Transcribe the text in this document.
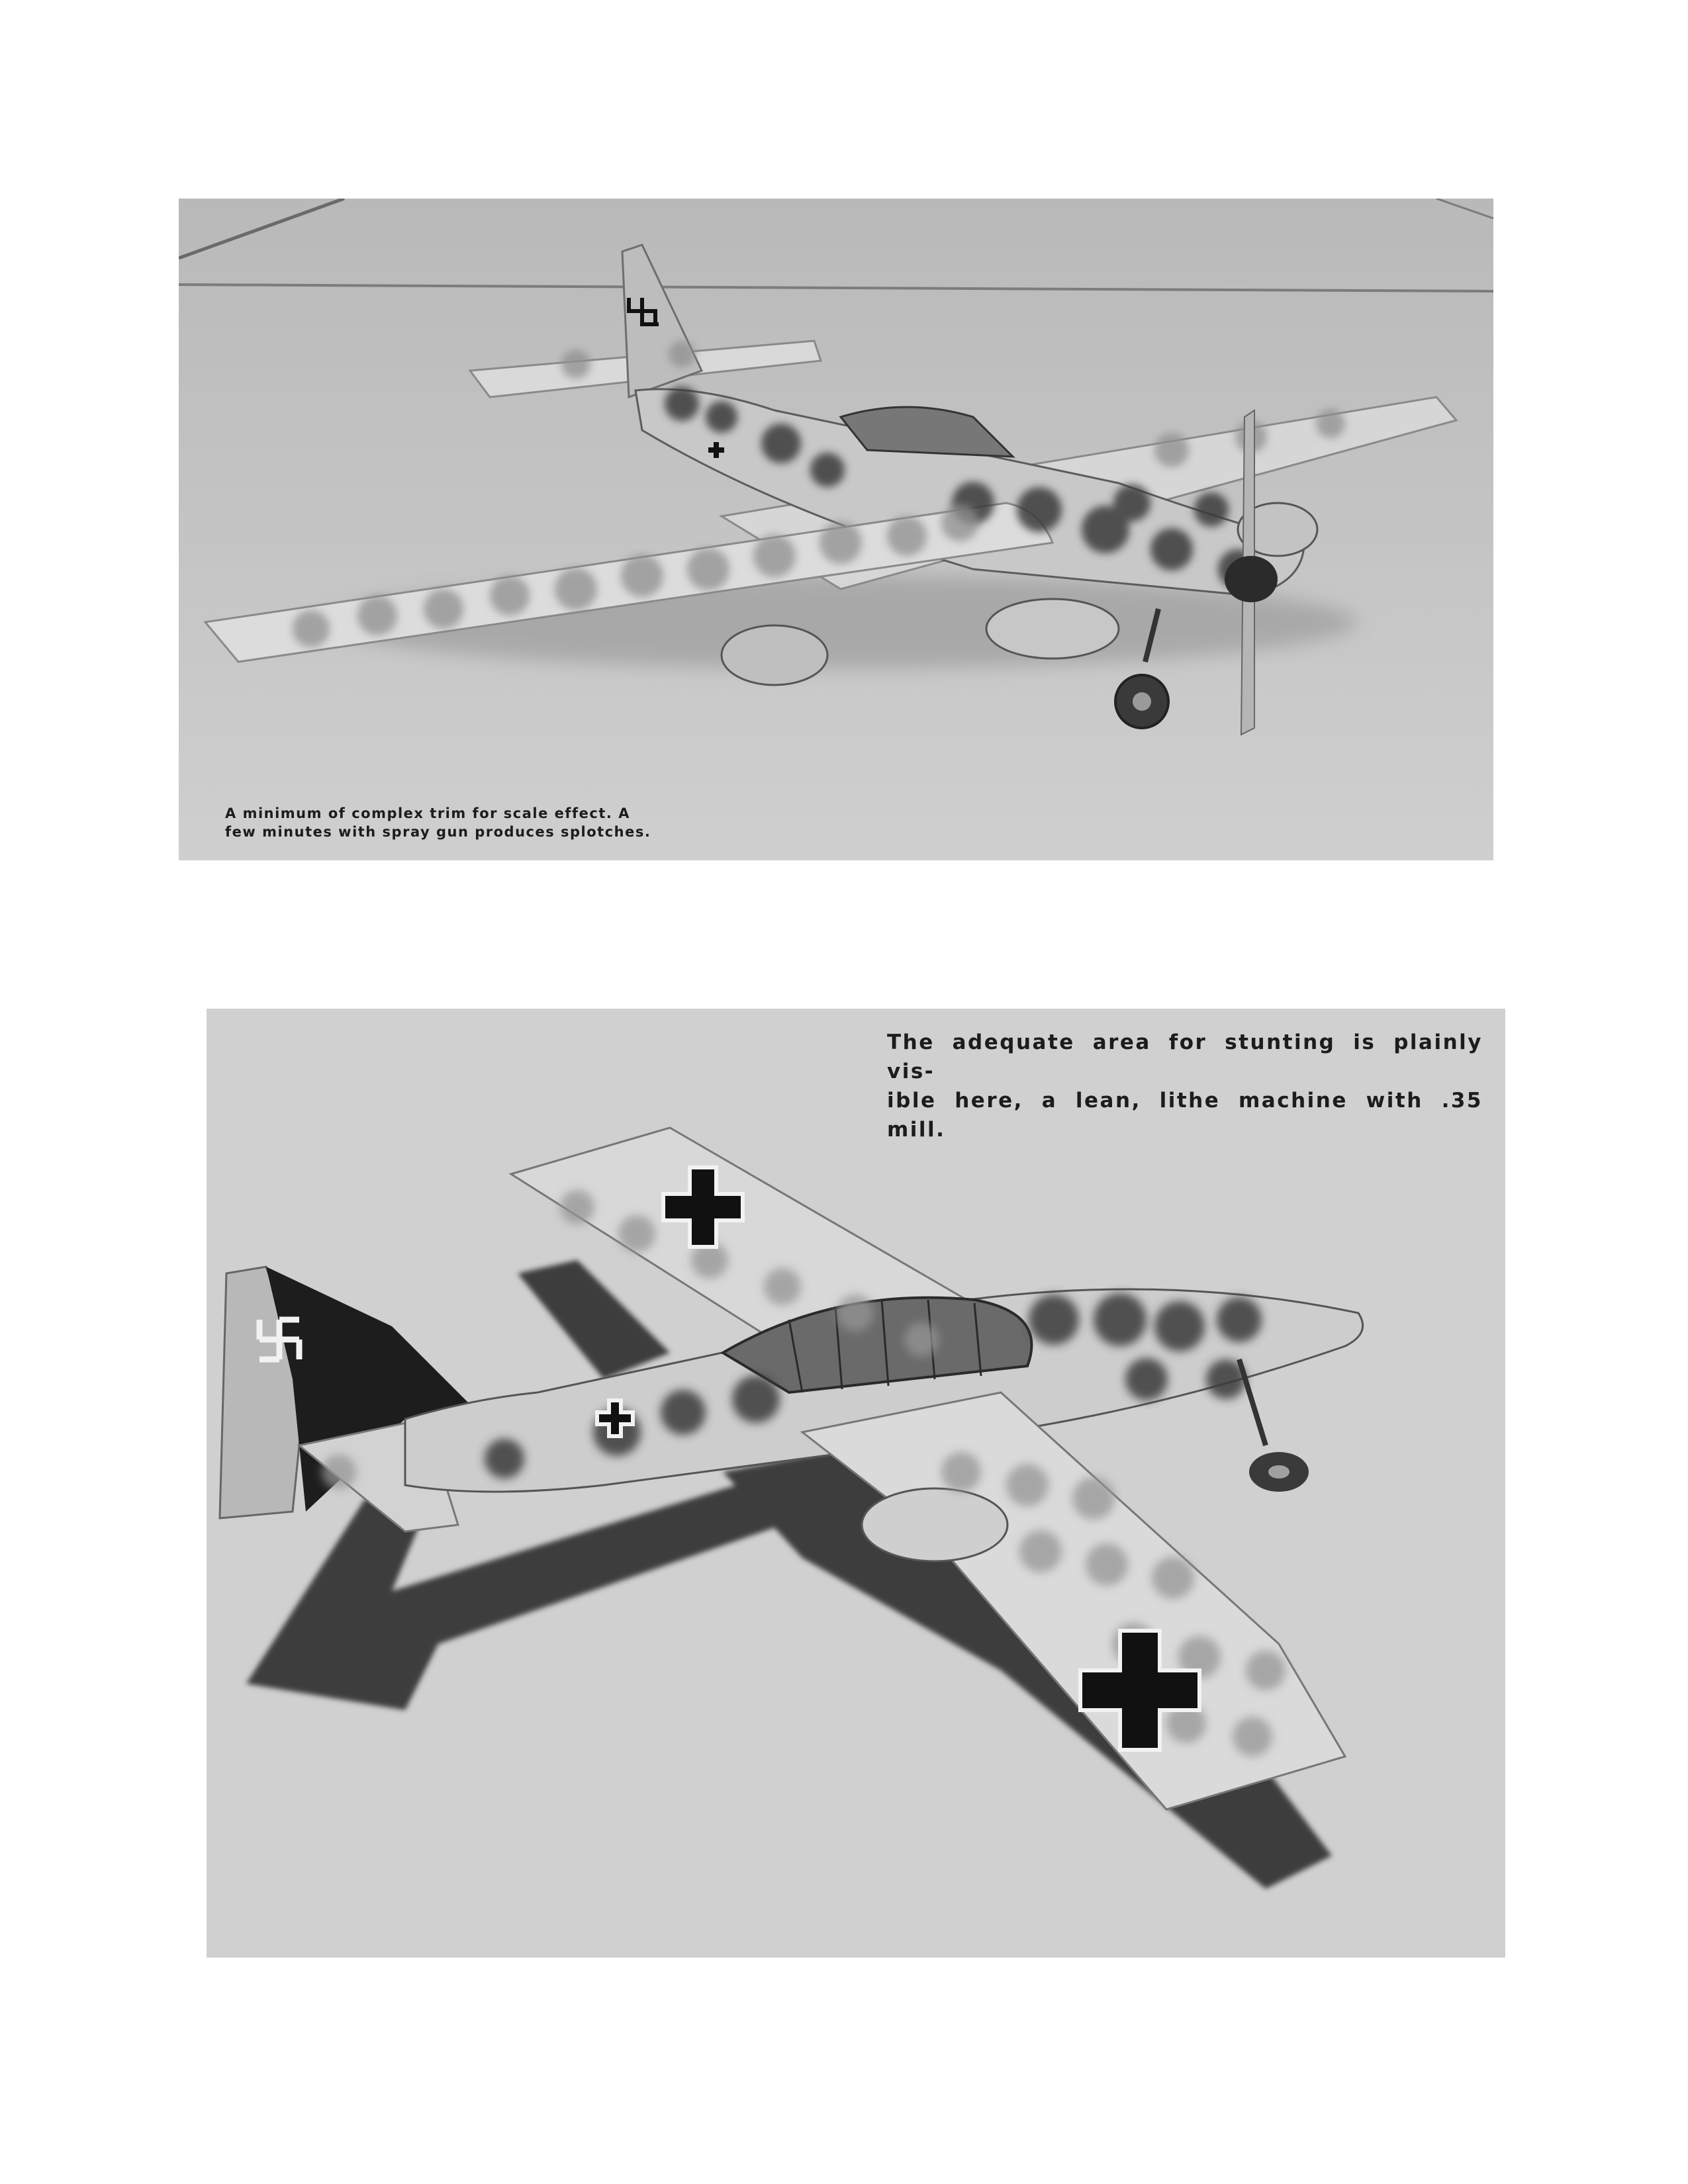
A minimum of complex trim for scale effect. A
few minutes with spray gun produces splotches.
The adequate area for stunting is plainly vis-
ible here, a lean, lithe machine with .35 mill.
